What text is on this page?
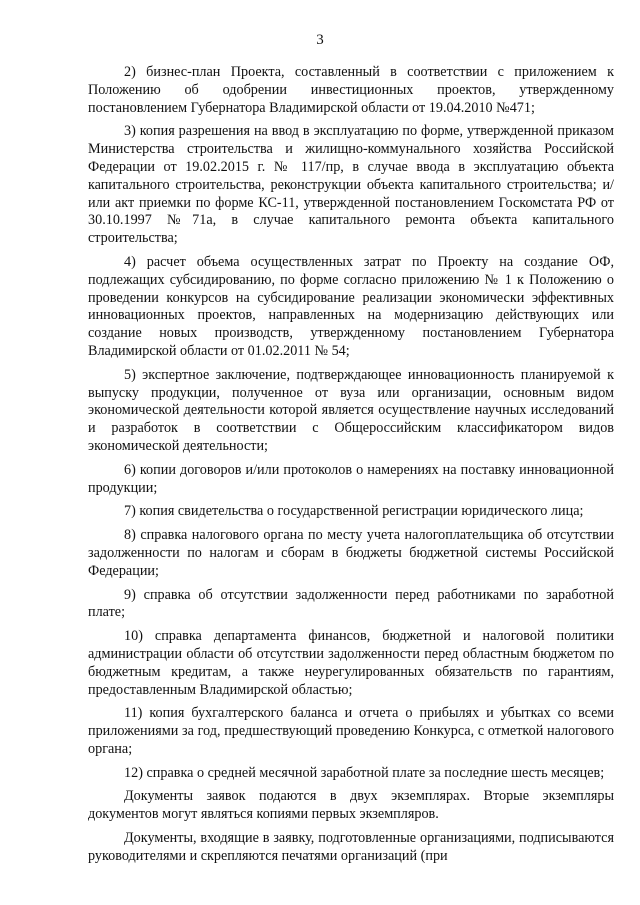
3

2) бизнес-план Проекта, составленный в соответствии с приложением к Положению об одобрении инвестиционных проектов, утвержденному постановлением Губернатора Владимирской области от 19.04.2010 №471;

3) копия разрешения на ввод в эксплуатацию по форме, утвержденной приказом Министерства строительства и жилищно-коммунального хозяйства Российской Федерации от 19.02.2015 г. № 117/пр, в случае ввода в эксплуатацию объекта капитального строительства, реконструкции объекта капитального строительства; и/или акт приемки по форме КС-11, утвержденной постановлением Госкомстата РФ от 30.10.1997 №71а, в случае капитального ремонта объекта капитального строительства;

4) расчет объема осуществленных затрат по Проекту на создание ОФ, подлежащих субсидированию, по форме согласно приложению № 1 к Положению о проведении конкурсов на субсидирование реализации экономически эффективных инновационных проектов, направленных на модернизацию действующих или создание новых производств, утвержденному постановлением Губернатора Владимирской области от 01.02.2011 № 54;

5) экспертное заключение, подтверждающее инновационность планируемой к выпуску продукции, полученное от вуза или организации, основным видом экономической деятельности которой является осуществление научных исследований и разработок в соответствии с Общероссийским классификатором видов экономической деятельности;

6) копии договоров и/или протоколов о намерениях на поставку инновационной продукции;

7) копия свидетельства о государственной регистрации юридического лица;

8) справка налогового органа по месту учета налогоплательщика об отсутствии задолженности по налогам и сборам в бюджеты бюджетной системы Российской Федерации;

9) справка об отсутствии задолженности перед работниками по заработной плате;

10) справка департамента финансов, бюджетной и налоговой политики администрации области об отсутствии задолженности перед областным бюджетом по бюджетным кредитам, а также неурегулированных обязательств по гарантиям, предоставленным Владимирской областью;

11) копия бухгалтерского баланса и отчета о прибылях и убытках со всеми приложениями за год, предшествующий проведению Конкурса, с отметкой налогового органа;

12) справка о средней месячной заработной плате за последние шесть месяцев;

Документы заявок подаются в двух экземплярах. Вторые экземпляры документов могут являться копиями первых экземпляров.

Документы, входящие в заявку, подготовленные организациями, подписываются руководителями и скрепляются печатями организаций (при
